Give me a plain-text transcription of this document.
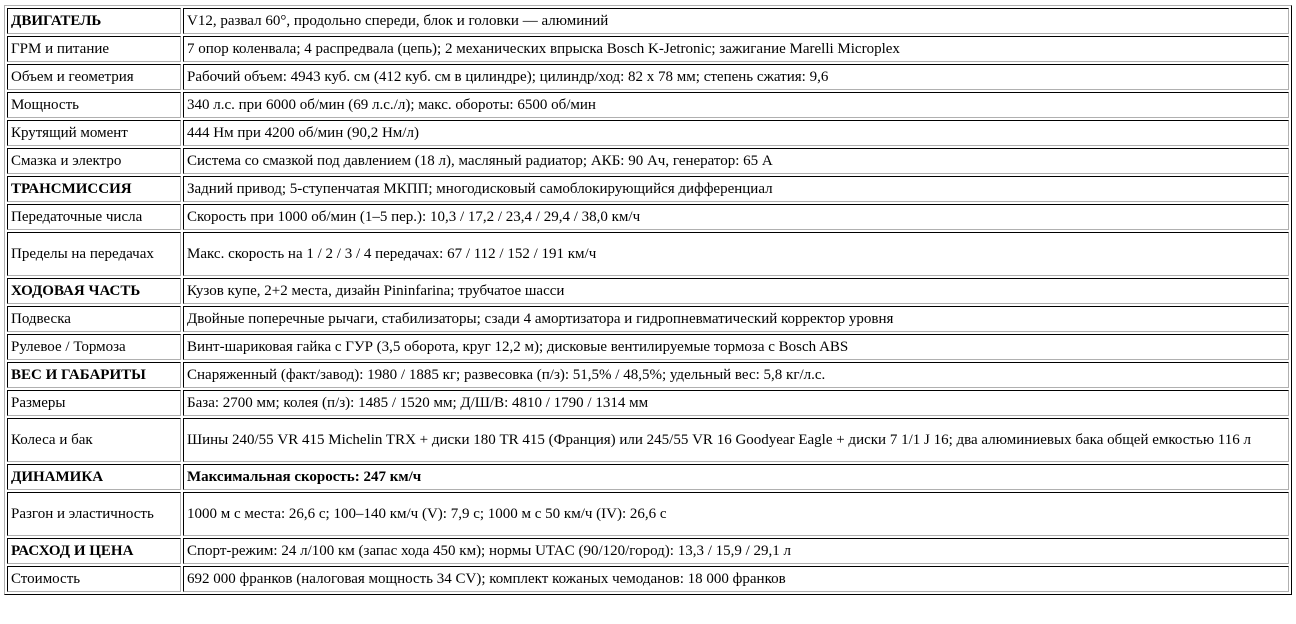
ДВИГАТЕЛЬ	V12, развал 60°, продольно спереди, блок и головки — алюминий
ГРМ и питание	7 опор коленвала; 4 распредвала (цепь); 2 механических впрыска Bosch K-Jetronic; зажигание Marelli Microplex
Объем и геометрия	Рабочий объем: 4943 куб. см (412 куб. см в цилиндре); цилиндр/ход: 82 x 78 мм; степень сжатия: 9,6
Мощность	340 л.с. при 6000 об/мин (69 л.с./л); макс. обороты: 6500 об/мин
Крутящий момент	444 Нм при 4200 об/мин (90,2 Нм/л)
Смазка и электро	Система со смазкой под давлением (18 л), масляный радиатор; АКБ: 90 Ач, генератор: 65 А
ТРАНСМИССИЯ	Задний привод; 5-ступенчатая МКПП; многодисковый самоблокирующийся дифференциал
Передаточные числа	Скорость при 1000 об/мин (1–5 пер.): 10,3 / 17,2 / 23,4 / 29,4 / 38,0 км/ч
Пределы на передачах	Макс. скорость на 1 / 2 / 3 / 4 передачах: 67 / 112 / 152 / 191 км/ч
ХОДОВАЯ ЧАСТЬ	Кузов купе, 2+2 места, дизайн Pininfarina; трубчатое шасси
Подвеска	Двойные поперечные рычаги, стабилизаторы; сзади 4 амортизатора и гидропневматический корректор уровня
Рулевое / Тормоза	Винт-шариковая гайка с ГУР (3,5 оборота, круг 12,2 м); дисковые вентилируемые тормоза с Bosch ABS
ВЕС И ГАБАРИТЫ	Снаряженный (факт/завод): 1980 / 1885 кг; развесовка (п/з): 51,5% / 48,5%; удельный вес: 5,8 кг/л.с.
Размеры	База: 2700 мм; колея (п/з): 1485 / 1520 мм; Д/Ш/В: 4810 / 1790 / 1314 мм
Колеса и бак	Шины 240/55 VR 415 Michelin TRX + диски 180 TR 415 (Франция) или 245/55 VR 16 Goodyear Eagle + диски 7 1/1 J 16; два алюминиевых бака общей емкостью 116 л
ДИНАМИКА	Максимальная скорость: 247 км/ч
Разгон и эластичность	1000 м с места: 26,6 с; 100–140 км/ч (V): 7,9 с; 1000 м с 50 км/ч (IV): 26,6 с
РАСХОД И ЦЕНА	Спорт-режим: 24 л/100 км (запас хода 450 км); нормы UTAC (90/120/город): 13,3 / 15,9 / 29,1 л
Стоимость	692 000 франков (налоговая мощность 34 CV); комплект кожаных чемоданов: 18 000 франков
